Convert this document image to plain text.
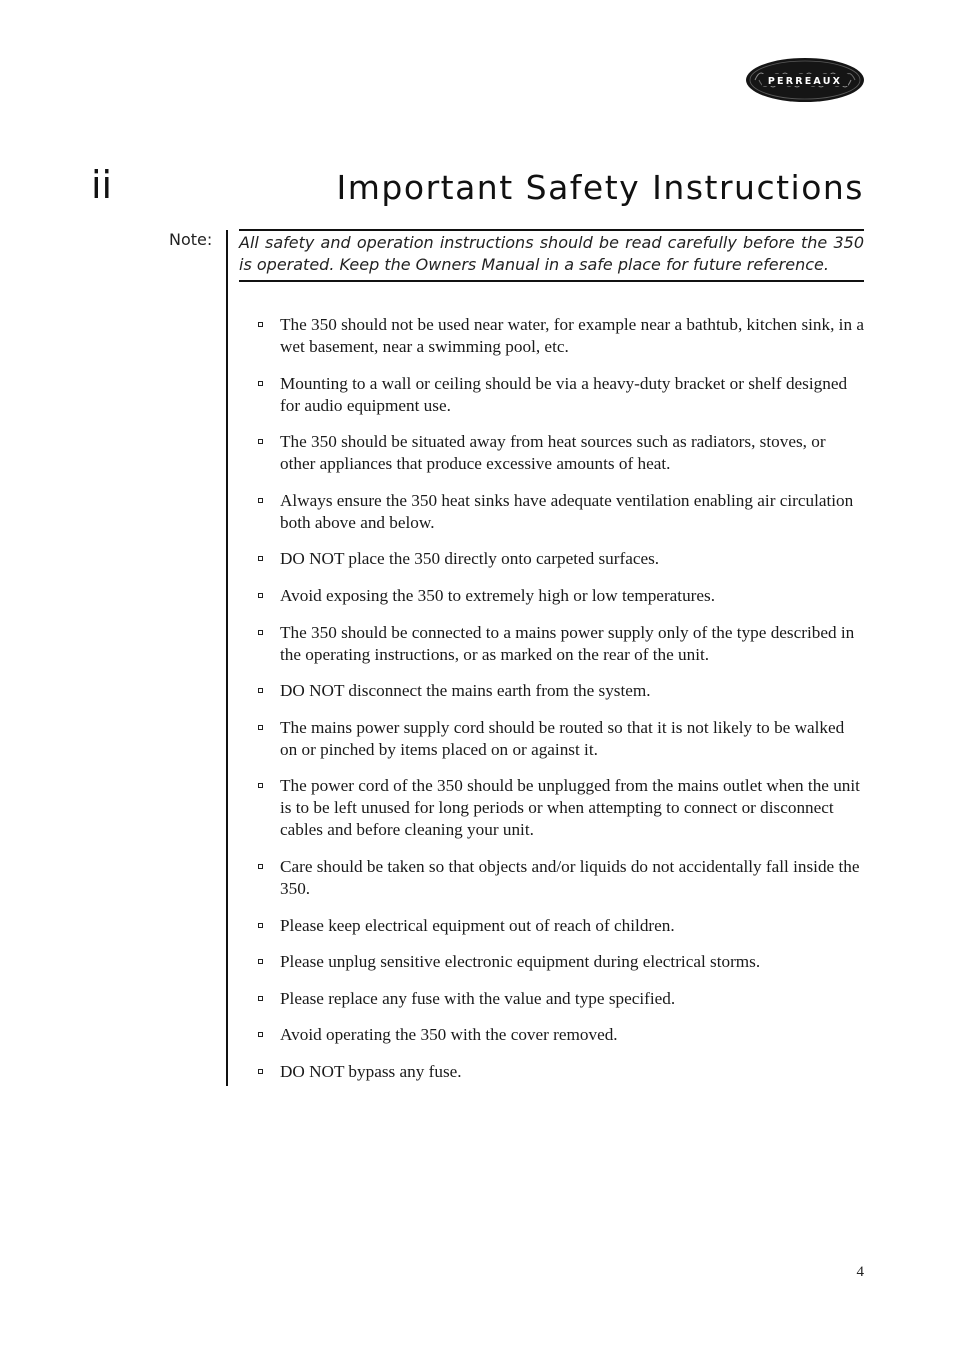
PERREAUX
ii	Important Safety Instructions
Note: All safety and operation instructions should be read carefully before the 350 is operated. Keep the Owners Manual in a safe place for future reference.

The 350 should not be used near water, for example near a bathtub, kitchen sink, in a wet basement, near a swimming pool, etc.
Mounting to a wall or ceiling should be via a heavy-duty bracket or shelf designed for audio equipment use.
The 350 should be situated away from heat sources such as radiators, stoves, or other appliances that produce excessive amounts of heat.
Always ensure the 350 heat sinks have adequate ventilation enabling air circulation both above and below.
DO NOT place the 350 directly onto carpeted surfaces.
Avoid exposing the 350 to extremely high or low temperatures.
The 350 should be connected to a mains power supply only of the type described in the operating instructions, or as marked on the rear of the unit.
DO NOT disconnect the mains earth from the system.
The mains power supply cord should be routed so that it is not likely to be walked on or pinched by items placed on or against it.
The power cord of the 350 should be unplugged from the mains outlet when the unit is to be left unused for long periods or when attempting to connect or disconnect cables and before cleaning your unit.
Care should be taken so that objects and/or liquids do not accidentally fall inside the 350.
Please keep electrical equipment out of reach of children.
Please unplug sensitive electronic equipment during electrical storms.
Please replace any fuse with the value and type specified.
Avoid operating the 350 with the cover removed.
DO NOT bypass any fuse.
4
